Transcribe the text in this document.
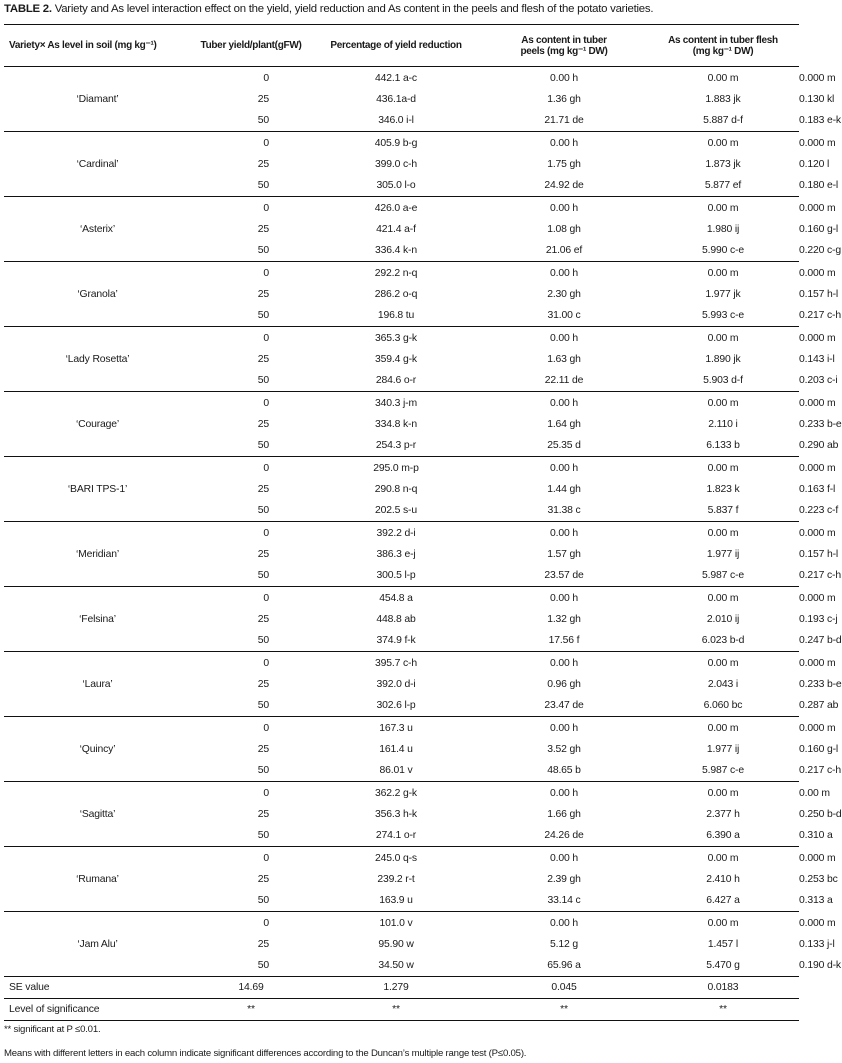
TABLE 2. Variety and As level interaction effect on the yield, yield reduction and As content in the peels and flesh of the potato varieties.
Variety× As level in soil (mg kg⁻¹)	Tuber yield/plant(gFW)	Percentage of yield reduction	As content in tuber peels (mg kg⁻¹ DW)	As content in tuber flesh (mg kg⁻¹ DW)	
‘Diamant’	0	442.1 a-c	0.00 h	0.00 m	0.000 m
	25	436.1a-d	1.36 gh	1.883 jk	0.130 kl
	50	346.0 i-l	21.71 de	5.887 d-f	0.183 e-k
‘Cardinal’	0	405.9 b-g	0.00 h	0.00 m	0.000 m
	25	399.0 c-h	1.75 gh	1.873 jk	0.120 l
	50	305.0 l-o	24.92 de	5.877 ef	0.180 e-l
‘Asterix’	0	426.0 a-e	0.00 h	0.00 m	0.000 m
	25	421.4 a-f	1.08 gh	1.980 ij	0.160 g-l
	50	336.4 k-n	21.06 ef	5.990 c-e	0.220 c-g
‘Granola’	0	292.2 n-q	0.00 h	0.00 m	0.000 m
	25	286.2 o-q	2.30 gh	1.977 jk	0.157 h-l
	50	196.8 tu	31.00 c	5.993 c-e	0.217 c-h
‘Lady Rosetta’	0	365.3 g-k	0.00 h	0.00 m	0.000 m
	25	359.4 g-k	1.63 gh	1.890 jk	0.143 i-l
	50	284.6 o-r	22.11 de	5.903 d-f	0.203 c-i
‘Courage’	0	340.3 j-m	0.00 h	0.00 m	0.000 m
	25	334.8 k-n	1.64 gh	2.110 i	0.233 b-e
	50	254.3 p-r	25.35 d	6.133 b	0.290 ab
‘BARI TPS-1’	0	295.0 m-p	0.00 h	0.00 m	0.000 m
	25	290.8 n-q	1.44 gh	1.823 k	0.163 f-l
	50	202.5 s-u	31.38 c	5.837 f	0.223 c-f
‘Meridian’	0	392.2 d-i	0.00 h	0.00 m	0.000 m
	25	386.3 e-j	1.57 gh	1.977 ij	0.157 h-l
	50	300.5 l-p	23.57 de	5.987 c-e	0.217 c-h
‘Felsina’	0	454.8 a	0.00 h	0.00 m	0.000 m
	25	448.8 ab	1.32 gh	2.010 ij	0.193 c-j
	50	374.9 f-k	17.56 f	6.023 b-d	0.247 b-d
‘Laura’	0	395.7 c-h	0.00 h	0.00 m	0.000 m
	25	392.0 d-i	0.96 gh	2.043 i	0.233 b-e
	50	302.6 l-p	23.47 de	6.060 bc	0.287 ab
‘Quincy’	0	167.3 u	0.00 h	0.00 m	0.000 m
	25	161.4 u	3.52 gh	1.977 ij	0.160 g-l
	50	86.01 v	48.65 b	5.987 c-e	0.217 c-h
‘Sagitta’	0	362.2 g-k	0.00 h	0.00 m	0.00 m
	25	356.3 h-k	1.66 gh	2.377 h	0.250 b-d
	50	274.1 o-r	24.26 de	6.390 a	0.310 a
‘Rumana’	0	245.0 q-s	0.00 h	0.00 m	0.000 m
	25	239.2 r-t	2.39 gh	2.410 h	0.253 bc
	50	163.9 u	33.14 c	6.427 a	0.313 a
‘Jam Alu’	0	101.0 v	0.00 h	0.00 m	0.000 m
	25	95.90 w	5.12 g	1.457 l	0.133 j-l
	50	34.50 w	65.96 a	5.470 g	0.190 d-k
SE value	14.69	1.279	0.045	0.0183	
Level of significance	**	**	**	**	
** significant at P ≤0.01.
Means with different letters in each column indicate significant differences according to the Duncan’s multiple range test (P≤0.05).
